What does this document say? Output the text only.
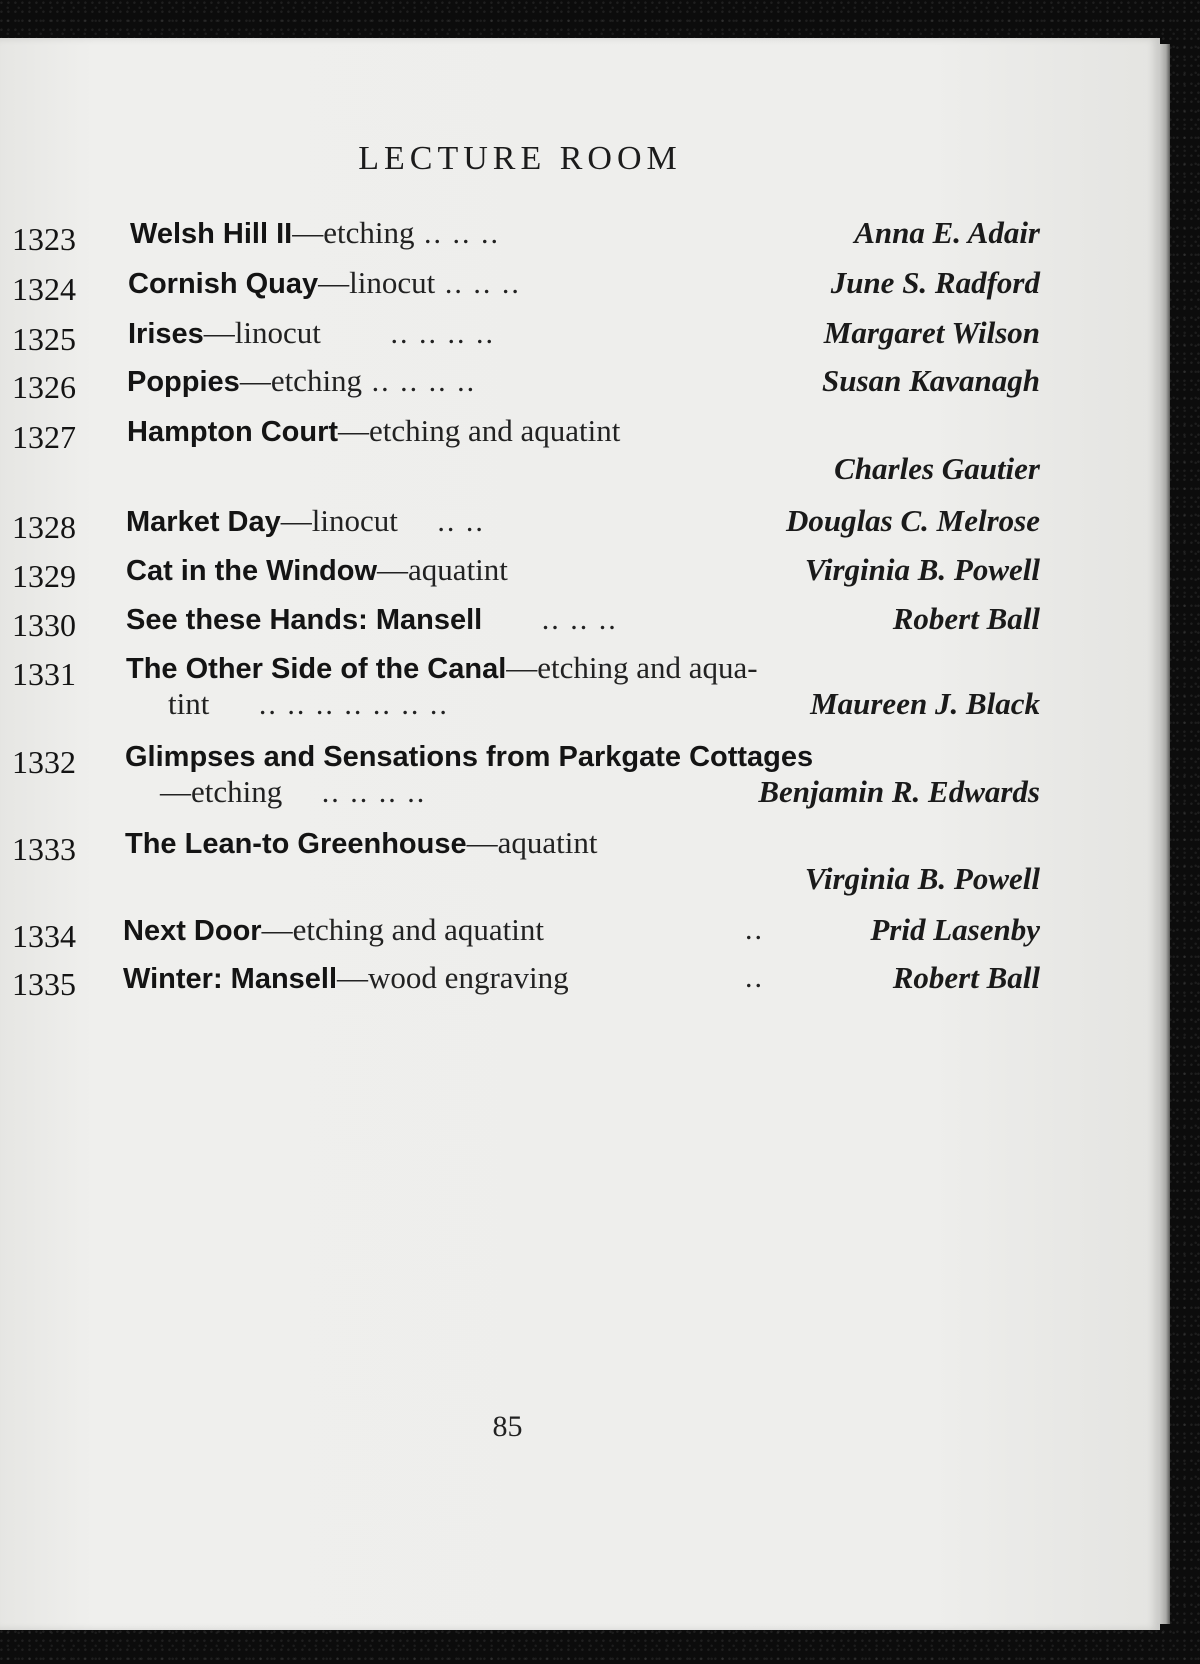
LECTURE ROOM
1323	Welsh Hill II—etching .. .. ..	Anna E. Adair
1324	Cornish Quay—linocut .. .. ..	June S. Radford
1325	Irises—linocut .. .. .. ..	Margaret Wilson
1326	Poppies—etching .. .. .. ..	Susan Kavanagh
1327	Hampton Court—etching and aquatint
Charles Gautier
1328	Market Day—linocut .. ..	Douglas C. Melrose
1329	Cat in the Window—aquatint	Virginia B. Powell
1330	See these Hands: Mansell .. .. ..	Robert Ball
1331	The Other Side of the Canal—etching and aqua-
tint .. .. .. .. .. .. ..	Maureen J. Black
1332	Glimpses and Sensations from Parkgate Cottages
—etching .. .. .. ..	Benjamin R. Edwards
1333	The Lean-to Greenhouse—aquatint
Virginia B. Powell
1334	Next Door—etching and aquatint	..	Prid Lasenby
1335	Winter: Mansell—wood engraving	..	Robert Ball
85
